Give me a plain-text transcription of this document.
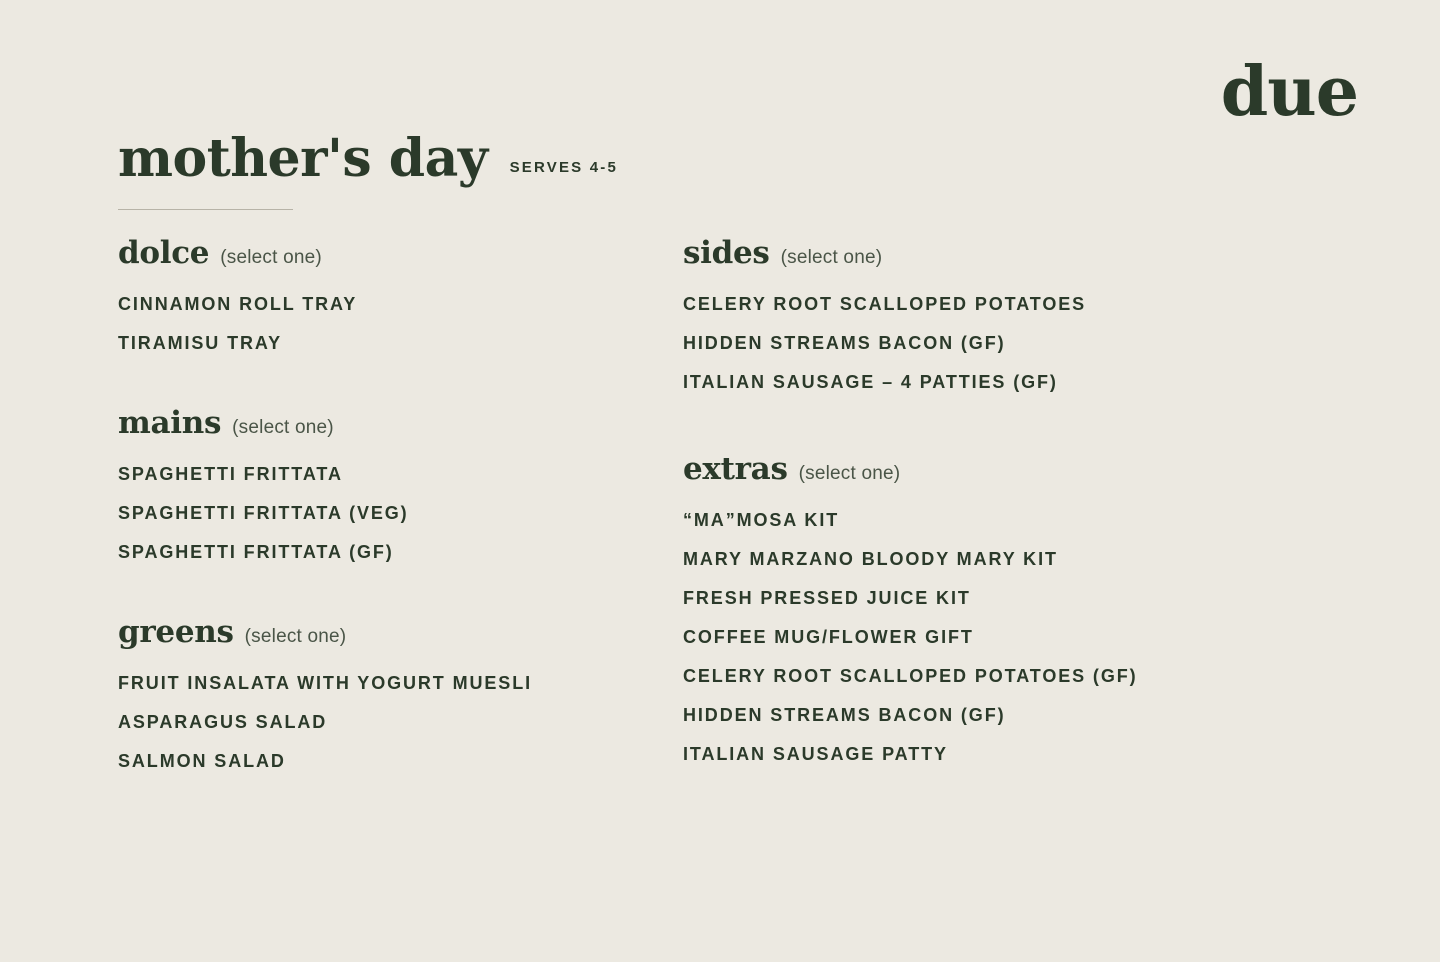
due
mother's day SERVES 4-5
dolce (select one)
CINNAMON ROLL TRAY
TIRAMISU TRAY
mains (select one)
SPAGHETTI FRITTATA
SPAGHETTI FRITTATA (VEG)
SPAGHETTI FRITTATA (GF)
greens (select one)
FRUIT INSALATA WITH YOGURT MUESLI
ASPARAGUS SALAD
SALMON SALAD
sides (select one)
CELERY ROOT SCALLOPED POTATOES
HIDDEN STREAMS BACON (GF)
ITALIAN SAUSAGE – 4 PATTIES (GF)
extras (select one)
“MA”MOSA KIT
MARY MARZANO BLOODY MARY KIT
FRESH PRESSED JUICE KIT
COFFEE MUG/FLOWER GIFT
CELERY ROOT SCALLOPED POTATOES (GF)
HIDDEN STREAMS BACON (GF)
ITALIAN SAUSAGE PATTY
